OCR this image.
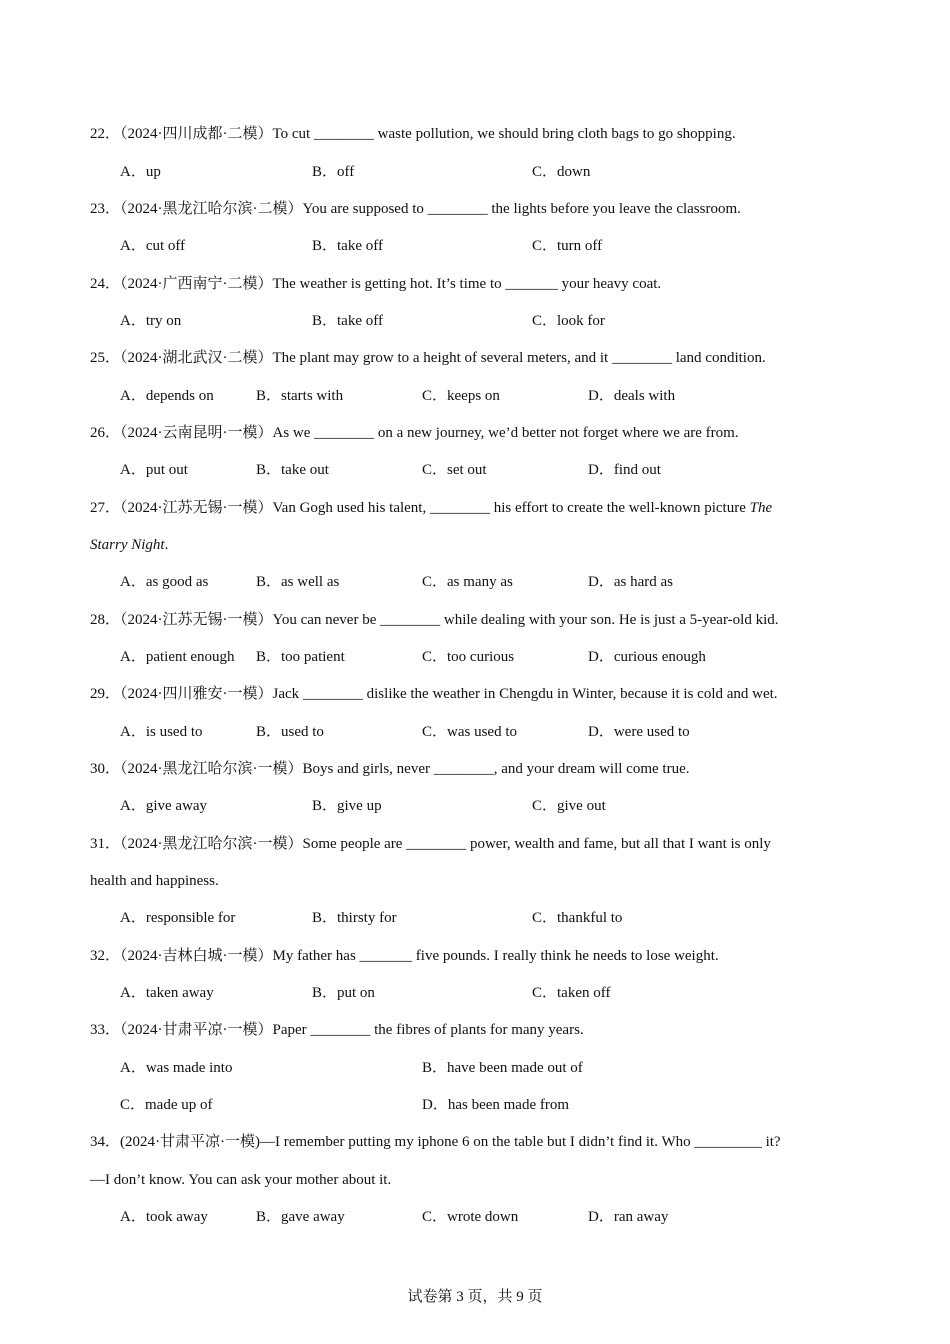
22．（2024·四川成都·二模）To cut ________ waste pollution, we should bring cloth bags to go shopping.
A．up	B．off	C．down
23．（2024·黑龙江哈尔滨·二模）You are supposed to ________ the lights before you leave the classroom.
A．cut off	B．take off	C．turn off
24．（2024·广西南宁·二模）The weather is getting hot. It’s time to _______ your heavy coat.
A．try on	B．take off	C．look for
25．（2024·湖北武汉·二模）The plant may grow to a height of several meters, and it ________ land condition.
A．depends on	B．starts with	C．keeps on	D．deals with
26．（2024·云南昆明·一模）As we ________ on a new journey, we’d better not forget where we are from.
A．put out	B．take out	C．set out	D．find out
27．（2024·江苏无锡·一模）Van Gogh used his talent, ________ his effort to create the well-known picture The
Starry Night.
A．as good as	B．as well as	C．as many as	D．as hard as
28．（2024·江苏无锡·一模）You can never be ________ while dealing with your son. He is just a 5-year-old kid.
A．patient enough B．too patient	C．too curious	D．curious enough
29．（2024·四川雅安·一模）Jack ________ dislike the weather in Chengdu in Winter, because it is cold and wet.
A．is used to	B．used to	C．was used to	D．were used to
30．（2024·黑龙江哈尔滨·一模）Boys and girls, never ________, and your dream will come true.
A．give away	B．give up	C．give out
31．（2024·黑龙江哈尔滨·一模）Some people are ________ power, wealth and fame, but all that I want is only
health and happiness.
A．responsible for	B．thirsty for	C．thankful to
32．（2024·吉林白城·一模）My father has _______ five pounds. I really think he needs to lose weight.
A．taken away	B．put on	C．taken off
33．（2024·甘肃平凉·一模）Paper ________ the fibres of plants for many years.
A．was made into	B．have been made out of
C．made up of	D．has been made from
34．(2024·甘肃平凉·一模)—I remember putting my iphone 6 on the table but I didn’t find it. Who _________ it?
—I don’t know. You can ask your mother about it.
A．took away	B．gave away	C．wrote down	D．ran away
试卷第 3 页，共 9 页
